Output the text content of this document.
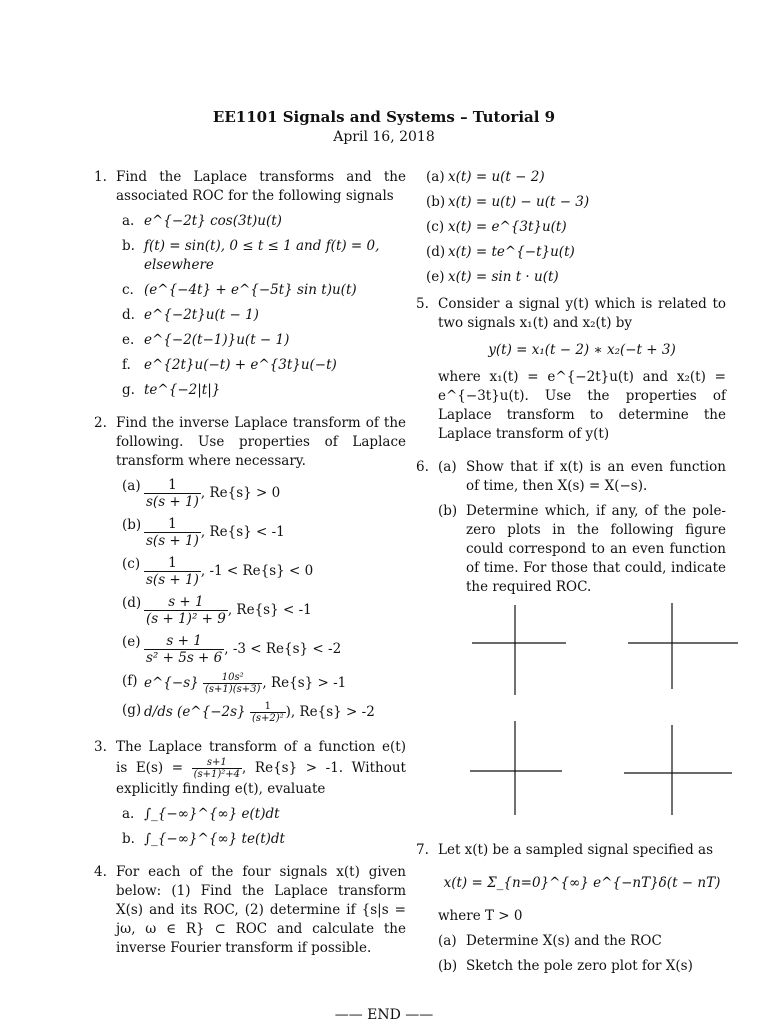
EE1101 Signals and Systems – Tutorial 9
April 16, 2018
1. Find the Laplace transforms and the associated ROC for the following signals
a. e^{−2t} cos(3t)u(t)
b. f(t) = sin(t), 0 ≤ t ≤ 1 and f(t) = 0, elsewhere
c. (e^{−4t} + e^{−5t} sin t)u(t)
d. e^{−2t}u(t − 1)
e. e^{−2(t−1)}u(t − 1)
f. e^{2t}u(−t) + e^{3t}u(−t)
g. te^{−2|t|}
2. Find the inverse Laplace transform of the following. Use properties of Laplace transform where necessary.
$(a) \frac{1}{s(s + 1)}$ , Re{s} > 0
$(b) \frac{1}{s(s + 1)}$ , Re{s} < -1
$(c) \frac{1}{s(s + 1)}$ , -1 < Re{s} < 0
$(d) \frac{s + 1}{\text{(s + 1)² + 9}}$ , Re{s} < -1
$(e) \frac{s + 1}{\text{s² + 5s + 6}}$ , -3 < Re{s} < -2
(f) e^{−s} $\frac{\text{10s²}}{(s+1)(s+3)}$ , Re{s} > -1
(g) d/ds (e^{−2s} $\frac{1}{\text{(s+2)²}}$ ), Re{s} > -2
3. The Laplace transform of a function e(t) is $E(s) = \frac{s+1}{\text{(s+1)²+4}}$ , Re{s} > -1. Without explicitly finding e(t), evaluate
a. ∫_{−∞}^{∞} e(t)dt
b. ∫_{−∞}^{∞} te(t)dt
4. For each of the four signals x(t) given below: (1) Find the Laplace transform X(s) and its ROC, (2) determine if {s|s = jω, ω ∈ R} ⊂ ROC and calculate the inverse Fourier transform if possible.
(a) x(t) = u(t − 2)
(b) x(t) = u(t) − u(t − 3)
(c) x(t) = e^{3t}u(t)
(d) x(t) = te^{−t}u(t)
(e) x(t) = sin t · u(t)
5. Consider a signal y(t) which is related to two signals x₁(t) and x₂(t) by
y(t) = x₁(t − 2) ∗ x₂(−t + 3)
where x₁(t) = e^{−2t}u(t) and x₂(t) = e^{−3t}u(t). Use the properties of Laplace transform to determine the Laplace transform of y(t)
6. (a) Show that if x(t) is an even function of time, then X(s) = X(−s).
(b) Determine which, if any, of the pole-zero plots in the following figure could correspond to an even function of time. For those that could, indicate the required ROC.
7. Let x(t) be a sampled signal specified as
x(t) = Σ_{n=0}^{∞} e^{−nT}δ(t − nT)
where T > 0
(a) Determine X(s) and the ROC
(b) Sketch the pole zero plot for X(s)
—— END ——
